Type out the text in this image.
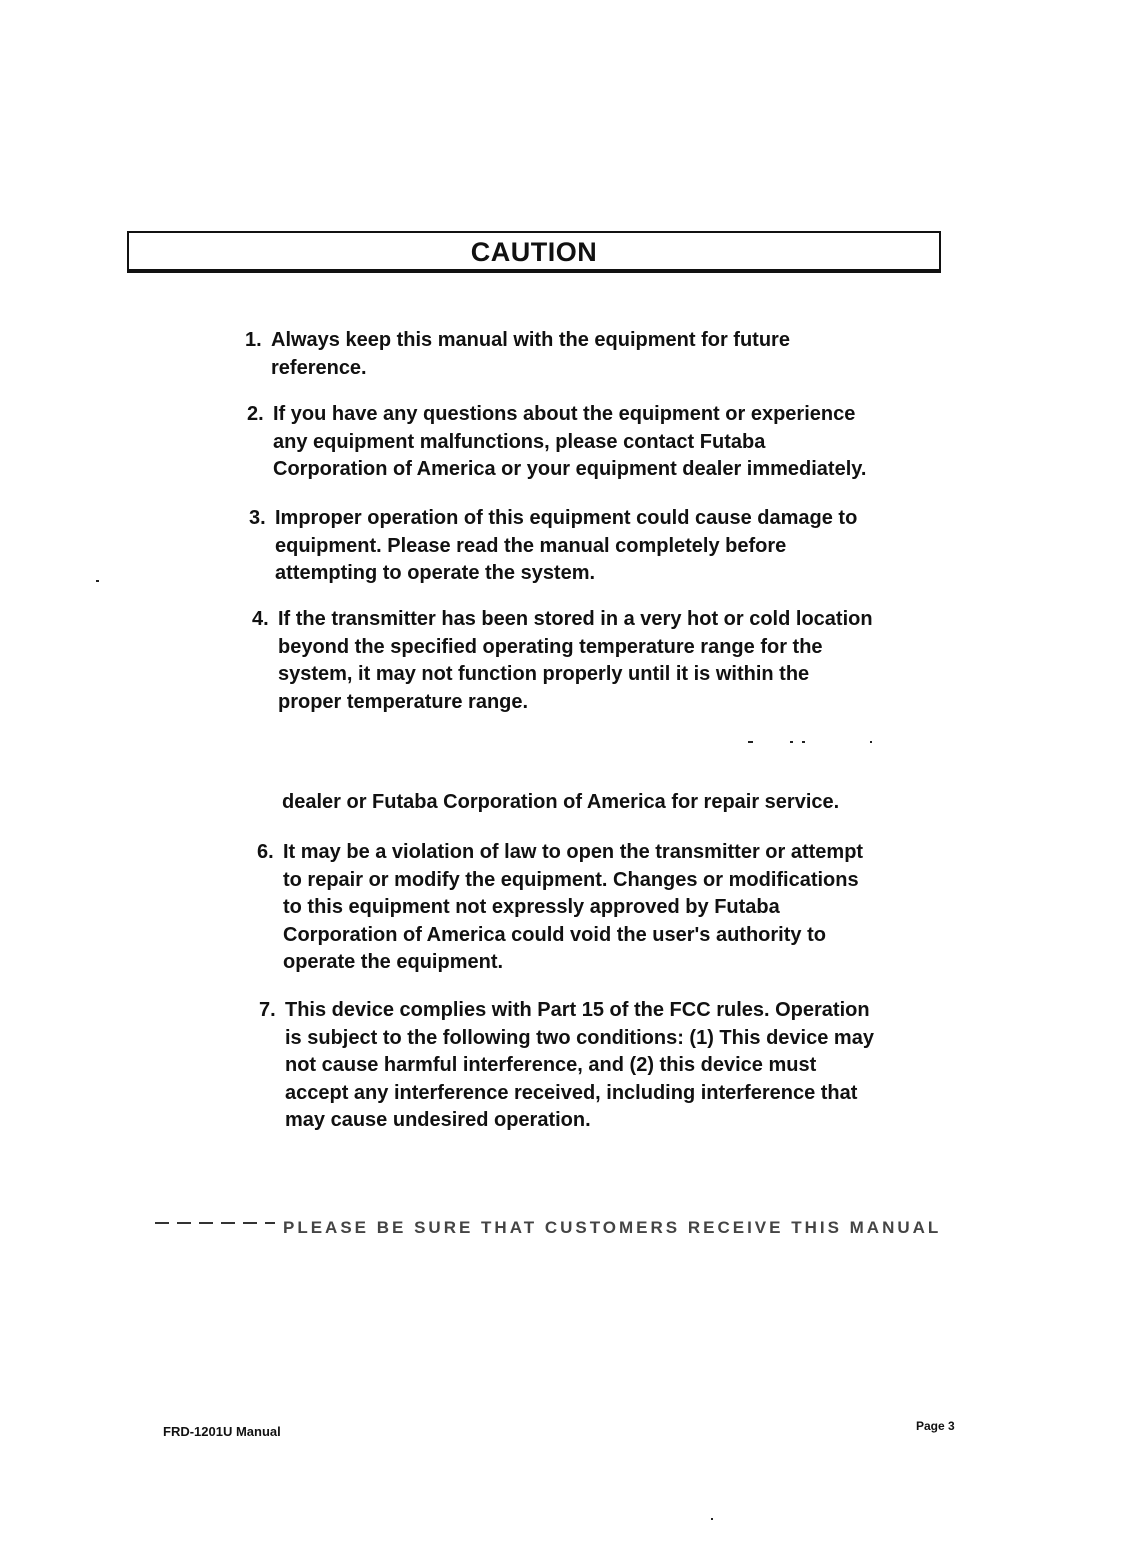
CAUTION
1. Always keep this manual with the equipment for future
reference.
2. If you have any questions about the equipment or experience
any equipment malfunctions, please contact Futaba
Corporation of America or your equipment dealer immediately.
3. Improper operation of this equipment could cause damage to
equipment. Please read the manual completely before
attempting to operate the system.
4. If the transmitter has been stored in a very hot or cold location
beyond the specified operating temperature range for the
system, it may not function properly until it is within the
proper temperature range.
dealer or Futaba Corporation of America for repair service.
6. It may be a violation of law to open the transmitter or attempt
to repair or modify the equipment. Changes or modifications
to this equipment not expressly approved by Futaba
Corporation of America could void the user's authority to
operate the equipment.
7. This device complies with Part 15 of the FCC rules. Operation
is subject to the following two conditions: (1) This device may
not cause harmful interference, and (2) this device must
accept any interference received, including interference that
may cause undesired operation.
PLEASE BE SURE THAT CUSTOMERS RECEIVE THIS MANUAL
FRD-1201U Manual	Page 3
